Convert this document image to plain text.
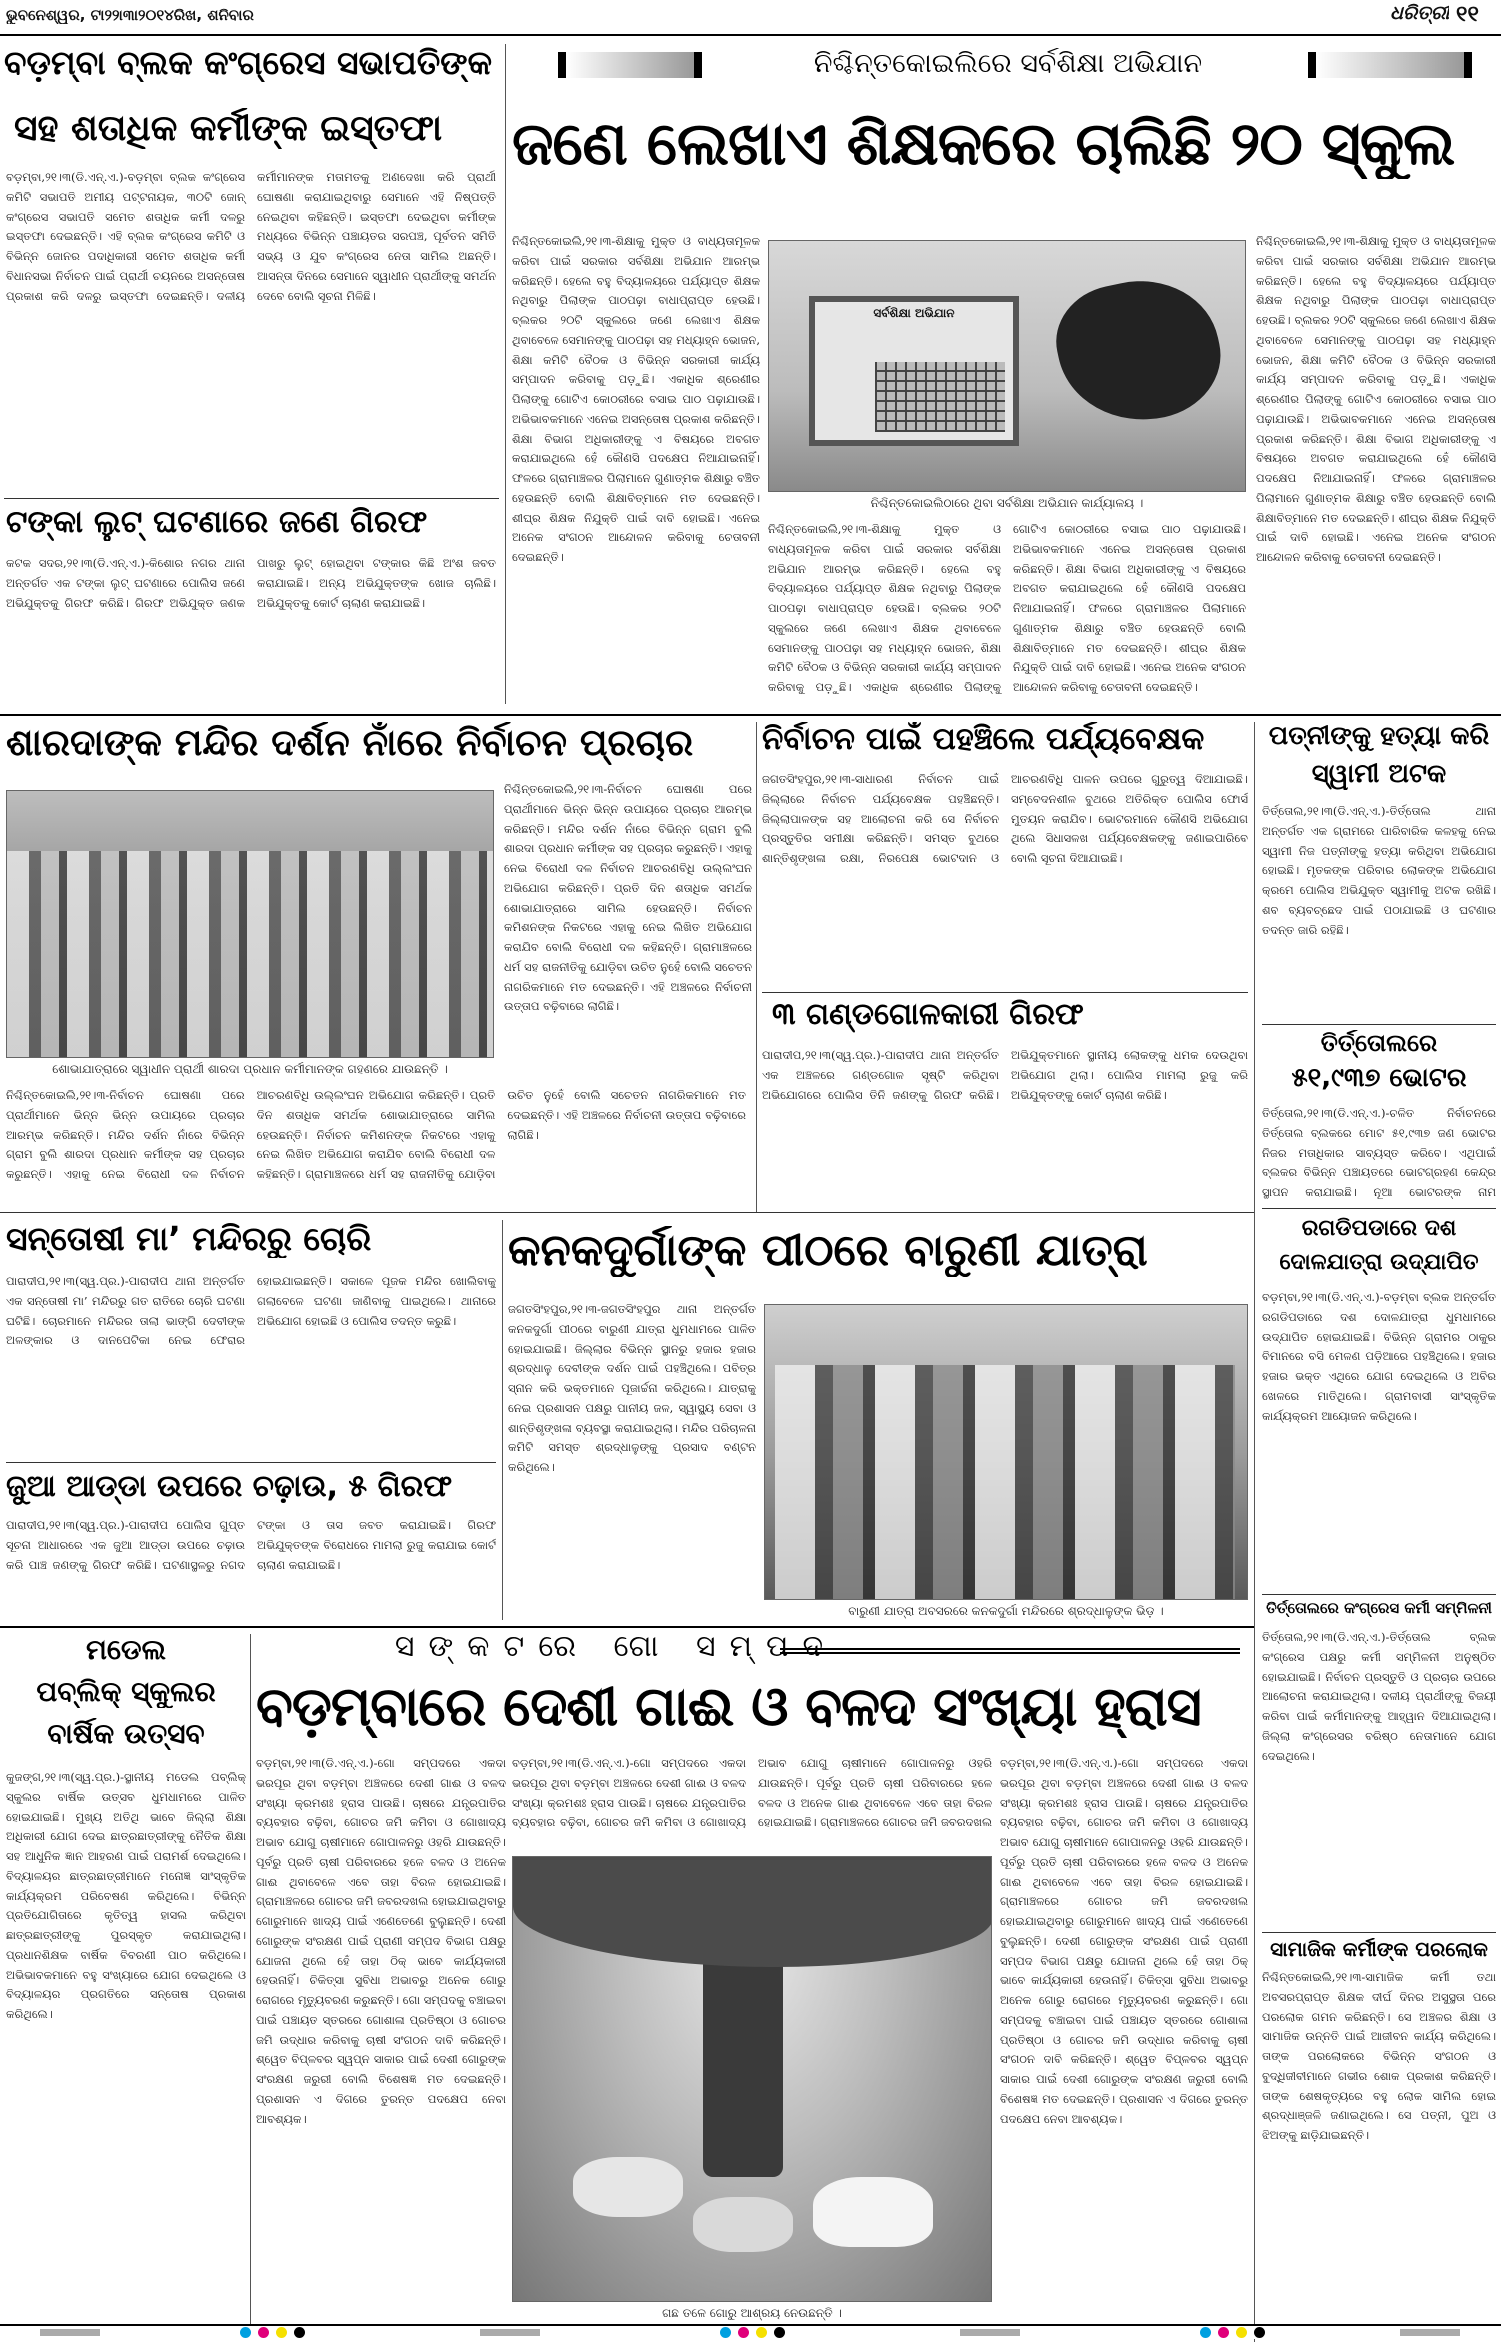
ଭୁବନେଶ୍ୱର, ଟା୨୨ା୩ା୨୦୧୪ରିଖ, ଶନିବାର	ଧରିତ୍ରୀ ୧୧
ବଡ଼ମ୍ବା ବ୍ଲକ କଂଗ୍ରେସ ସଭାପତିଙ୍କ
ସହ ଶତାଧିକ କର୍ମୀଙ୍କ ଇସ୍ତଫା
ବଡ଼ମ୍ବା,୨୧।୩(ଡି.ଏନ୍.ଏ.)-ବଡ଼ମ୍ବା ବ୍ଲକ କଂଗ୍ରେସ କମିଟି ସଭାପତି ଅମୀୟ ପଟ୍ଟନାୟକ, ୩୦ଟି ଜୋନ୍ କଂଗ୍ରେସ ସଭାପତି ସମେତ ଶତାଧିକ କର୍ମୀ ଦଳରୁ ଇସ୍ତଫା ଦେଇଛନ୍ତି। ଏହି ବ୍ଲକ କଂଗ୍ରେସ କମିଟି ଓ ବିଭିନ୍ନ ଜୋନର ପଦାଧିକାରୀ ସମେତ ଶତାଧିକ କର୍ମୀ ବିଧାନସଭା ନିର୍ବାଚନ ପାଇଁ ପ୍ରାର୍ଥୀ ଚୟନରେ ଅସନ୍ତୋଷ ପ୍ରକାଶ କରି ଦଳରୁ ଇସ୍ତଫା ଦେଇଛନ୍ତି। ଦଳୀୟ କର୍ମୀମାନଙ୍କ ମତାମତକୁ ଅଣଦେଖା କରି ପ୍ରାର୍ଥୀ ଘୋଷଣା କରାଯାଇଥିବାରୁ ସେମାନେ ଏହି ନିଷ୍ପତ୍ତି ନେଇଥିବା କହିଛନ୍ତି। ଇସ୍ତଫା ଦେଇଥିବା କର୍ମୀଙ୍କ ମଧ୍ୟରେ ବିଭିନ୍ନ ପଞ୍ଚାୟତର ସରପଞ୍ଚ, ପୂର୍ବତନ ସମିତି ସଭ୍ୟ ଓ ଯୁବ କଂଗ୍ରେସ ନେତା ସାମିଲ ଅଛନ୍ତି। ଆସନ୍ତା ଦିନରେ ସେମାନେ ସ୍ୱାଧୀନ ପ୍ରାର୍ଥୀଙ୍କୁ ସମର୍ଥନ ଦେବେ ବୋଲି ସୂଚନା ମିଳିଛି।
ଟଙ୍କା ଲୁଟ୍ ଘଟଣାରେ ଜଣେ ଗିରଫ
କଟକ ସଦର,୨୧।୩(ଡି.ଏନ୍.ଏ.)-କିଶୋର ନଗର ଥାନା ଅନ୍ତର୍ଗତ ଏକ ଟଙ୍କା ଲୁଟ୍ ଘଟଣାରେ ପୋଲିସ ଜଣେ ଅଭିଯୁକ୍ତକୁ ଗିରଫ କରିଛି। ଗିରଫ ଅଭିଯୁକ୍ତ ଜଣକ ପାଖରୁ ଲୁଟ୍ ହୋଇଥିବା ଟଙ୍କାର କିଛି ଅଂଶ ଜବତ କରାଯାଇଛି। ଅନ୍ୟ ଅଭିଯୁକ୍ତଙ୍କ ଖୋଜ ଚାଲିଛି। ଅଭିଯୁକ୍ତକୁ କୋର୍ଟ ଚାଲାଣ କରାଯାଇଛି।
ନିଶ୍ଚିନ୍ତକୋଇଲିରେ ସର୍ବଶିକ୍ଷା ଅଭିଯାନ
ଜଣେ ଲେଖାଏ ଶିକ୍ଷକରେ ଚାଲିଛି ୨୦ ସ୍କୁଲ
ନିଶ୍ଚିନ୍ତକୋଇଲି,୨୧।୩-ଶିକ୍ଷାକୁ ମୁକ୍ତ ଓ ବାଧ୍ୟତାମୂଳକ କରିବା ପାଇଁ ସରକାର ସର୍ବଶିକ୍ଷା ଅଭିଯାନ ଆରମ୍ଭ କରିଛନ୍ତି। ହେଲେ ବହୁ ବିଦ୍ୟାଳୟରେ ପର୍ଯ୍ୟାପ୍ତ ଶିକ୍ଷକ ନଥିବାରୁ ପିଲାଙ୍କ ପାଠପଢ଼ା ବାଧାପ୍ରାପ୍ତ ହେଉଛି। ବ୍ଲକର ୨୦ଟି ସ୍କୁଲରେ ଜଣେ ଲେଖାଏ ଶିକ୍ଷକ ଥିବାବେଳେ ସେମାନଙ୍କୁ ପାଠପଢ଼ା ସହ ମଧ୍ୟାହ୍ନ ଭୋଜନ, ଶିକ୍ଷା କମିଟି ବୈଠକ ଓ ବିଭିନ୍ନ ସରକାରୀ କାର୍ଯ୍ୟ ସମ୍ପାଦନ କରିବାକୁ ପଡ଼ୁଛି। ଏକାଧିକ ଶ୍ରେଣୀର ପିଲାଙ୍କୁ ଗୋଟିଏ କୋଠରୀରେ ବସାଇ ପାଠ ପଢ଼ାଯାଉଛି। ଅଭିଭାବକମାନେ ଏନେଇ ଅସନ୍ତୋଷ ପ୍ରକାଶ କରିଛନ୍ତି। ଶିକ୍ଷା ବିଭାଗ ଅଧିକାରୀଙ୍କୁ ଏ ବିଷୟରେ ଅବଗତ କରାଯାଇଥିଲେ ହେଁ କୌଣସି ପଦକ୍ଷେପ ନିଆଯାଇନାହିଁ। ଫଳରେ ଗ୍ରାମାଞ୍ଚଳର ପିଲାମାନେ ଗୁଣାତ୍ମକ ଶିକ୍ଷାରୁ ବଞ୍ଚିତ ହେଉଛନ୍ତି ବୋଲି ଶିକ୍ଷାବିତ୍ମାନେ ମତ ଦେଇଛନ୍ତି। ଶୀଘ୍ର ଶିକ୍ଷକ ନିଯୁକ୍ତି ପାଇଁ ଦାବି ହୋଇଛି। ଏନେଇ ଅନେକ ସଂଗଠନ ଆନ୍ଦୋଳନ କରିବାକୁ ଚେତାବନୀ ଦେଇଛନ୍ତି।
ସର୍ବଶିକ୍ଷା ଅଭିଯାନ
ନିଶ୍ଚିନ୍ତକୋଇଲିଠାରେ ଥିବା ସର୍ବଶିକ୍ଷା ଅଭିଯାନ କାର୍ଯ୍ୟାଳୟ ।
ନିଶ୍ଚିନ୍ତକୋଇଲି,୨୧।୩-ଶିକ୍ଷାକୁ ମୁକ୍ତ ଓ ବାଧ୍ୟତାମୂଳକ କରିବା ପାଇଁ ସରକାର ସର୍ବଶିକ୍ଷା ଅଭିଯାନ ଆରମ୍ଭ କରିଛନ୍ତି। ହେଲେ ବହୁ ବିଦ୍ୟାଳୟରେ ପର୍ଯ୍ୟାପ୍ତ ଶିକ୍ଷକ ନଥିବାରୁ ପିଲାଙ୍କ ପାଠପଢ଼ା ବାଧାପ୍ରାପ୍ତ ହେଉଛି। ବ୍ଲକର ୨୦ଟି ସ୍କୁଲରେ ଜଣେ ଲେଖାଏ ଶିକ୍ଷକ ଥିବାବେଳେ ସେମାନଙ୍କୁ ପାଠପଢ଼ା ସହ ମଧ୍ୟାହ୍ନ ଭୋଜନ, ଶିକ୍ଷା କମିଟି ବୈଠକ ଓ ବିଭିନ୍ନ ସରକାରୀ କାର୍ଯ୍ୟ ସମ୍ପାଦନ କରିବାକୁ ପଡ଼ୁଛି। ଏକାଧିକ ଶ୍ରେଣୀର ପିଲାଙ୍କୁ ଗୋଟିଏ କୋଠରୀରେ ବସାଇ ପାଠ ପଢ଼ାଯାଉଛି। ଅଭିଭାବକମାନେ ଏନେଇ ଅସନ୍ତୋଷ ପ୍ରକାଶ କରିଛନ୍ତି। ଶିକ୍ଷା ବିଭାଗ ଅଧିକାରୀଙ୍କୁ ଏ ବିଷୟରେ ଅବଗତ କରାଯାଇଥିଲେ ହେଁ କୌଣସି ପଦକ୍ଷେପ ନିଆଯାଇନାହିଁ। ଫଳରେ ଗ୍ରାମାଞ୍ଚଳର ପିଲାମାନେ ଗୁଣାତ୍ମକ ଶିକ୍ଷାରୁ ବଞ୍ଚିତ ହେଉଛନ୍ତି ବୋଲି ଶିକ୍ଷାବିତ୍ମାନେ ମତ ଦେଇଛନ୍ତି। ଶୀଘ୍ର ଶିକ୍ଷକ ନିଯୁକ୍ତି ପାଇଁ ଦାବି ହୋଇଛି। ଏନେଇ ଅନେକ ସଂଗଠନ ଆନ୍ଦୋଳନ କରିବାକୁ ଚେତାବନୀ ଦେଇଛନ୍ତି।
ନିଶ୍ଚିନ୍ତକୋଇଲି,୨୧।୩-ଶିକ୍ଷାକୁ ମୁକ୍ତ ଓ ବାଧ୍ୟତାମୂଳକ କରିବା ପାଇଁ ସରକାର ସର୍ବଶିକ୍ଷା ଅଭିଯାନ ଆରମ୍ଭ କରିଛନ୍ତି। ହେଲେ ବହୁ ବିଦ୍ୟାଳୟରେ ପର୍ଯ୍ୟାପ୍ତ ଶିକ୍ଷକ ନଥିବାରୁ ପିଲାଙ୍କ ପାଠପଢ଼ା ବାଧାପ୍ରାପ୍ତ ହେଉଛି। ବ୍ଲକର ୨୦ଟି ସ୍କୁଲରେ ଜଣେ ଲେଖାଏ ଶିକ୍ଷକ ଥିବାବେଳେ ସେମାନଙ୍କୁ ପାଠପଢ଼ା ସହ ମଧ୍ୟାହ୍ନ ଭୋଜନ, ଶିକ୍ଷା କମିଟି ବୈଠକ ଓ ବିଭିନ୍ନ ସରକାରୀ କାର୍ଯ୍ୟ ସମ୍ପାଦନ କରିବାକୁ ପଡ଼ୁଛି। ଏକାଧିକ ଶ୍ରେଣୀର ପିଲାଙ୍କୁ ଗୋଟିଏ କୋଠରୀରେ ବସାଇ ପାଠ ପଢ଼ାଯାଉଛି। ଅଭିଭାବକମାନେ ଏନେଇ ଅସନ୍ତୋଷ ପ୍ରକାଶ କରିଛନ୍ତି। ଶିକ୍ଷା ବିଭାଗ ଅଧିକାରୀଙ୍କୁ ଏ ବିଷୟରେ ଅବଗତ କରାଯାଇଥିଲେ ହେଁ କୌଣସି ପଦକ୍ଷେପ ନିଆଯାଇନାହିଁ। ଫଳରେ ଗ୍ରାମାଞ୍ଚଳର ପିଲାମାନେ ଗୁଣାତ୍ମକ ଶିକ୍ଷାରୁ ବଞ୍ଚିତ ହେଉଛନ୍ତି ବୋଲି ଶିକ୍ଷାବିତ୍ମାନେ ମତ ଦେଇଛନ୍ତି। ଶୀଘ୍ର ଶିକ୍ଷକ ନିଯୁକ୍ତି ପାଇଁ ଦାବି ହୋଇଛି। ଏନେଇ ଅନେକ ସଂଗଠନ ଆନ୍ଦୋଳନ କରିବାକୁ ଚେତାବନୀ ଦେଇଛନ୍ତି।
ଶାରଦାଙ୍କ ମନ୍ଦିର ଦର୍ଶନ ନାଁରେ ନିର୍ବାଚନ ପ୍ରଚାର
ଶୋଭାଯାତ୍ରାରେ ସ୍ୱାଧୀନ ପ୍ରାର୍ଥୀ ଶାରଦା ପ୍ରଧାନ କର୍ମୀମାନଙ୍କ ଗହଣରେ ଯାଉଛନ୍ତି ।
ନିଶ୍ଚିନ୍ତକୋଇଲି,୨୧।୩-ନିର୍ବାଚନ ଘୋଷଣା ପରେ ପ୍ରାର୍ଥୀମାନେ ଭିନ୍ନ ଭିନ୍ନ ଉପାୟରେ ପ୍ରଚାର ଆରମ୍ଭ କରିଛନ୍ତି। ମନ୍ଦିର ଦର୍ଶନ ନାଁରେ ବିଭିନ୍ନ ଗ୍ରାମ ବୁଲି ଶାରଦା ପ୍ରଧାନ କର୍ମୀଙ୍କ ସହ ପ୍ରଚାର କରୁଛନ୍ତି। ଏହାକୁ ନେଇ ବିରୋଧୀ ଦଳ ନିର୍ବାଚନ ଆଚରଣବିଧି ଉଲ୍ଲଂଘନ ଅଭିଯୋଗ କରିଛନ୍ତି। ପ୍ରତି ଦିନ ଶତାଧିକ ସମର୍ଥକ ଶୋଭାଯାତ୍ରାରେ ସାମିଲ ହେଉଛନ୍ତି। ନିର୍ବାଚନ କମିଶନଙ୍କ ନିକଟରେ ଏହାକୁ ନେଇ ଲିଖିତ ଅଭିଯୋଗ କରାଯିବ ବୋଲି ବିରୋଧୀ ଦଳ କହିଛନ୍ତି। ଗ୍ରାମାଞ୍ଚଳରେ ଧର୍ମ ସହ ରାଜନୀତିକୁ ଯୋଡ଼ିବା ଉଚିତ ନୁହେଁ ବୋଲି ସଚେତନ ନାଗରିକମାନେ ମତ ଦେଇଛନ୍ତି। ଏହି ଅଞ୍ଚଳରେ ନିର୍ବାଚନୀ ଉତ୍ତାପ ବଢ଼ିବାରେ ଲାଗିଛି।
ନିଶ୍ଚିନ୍ତକୋଇଲି,୨୧।୩-ନିର୍ବାଚନ ଘୋଷଣା ପରେ ପ୍ରାର୍ଥୀମାନେ ଭିନ୍ନ ଭିନ୍ନ ଉପାୟରେ ପ୍ରଚାର ଆରମ୍ଭ କରିଛନ୍ତି। ମନ୍ଦିର ଦର୍ଶନ ନାଁରେ ବିଭିନ୍ନ ଗ୍ରାମ ବୁଲି ଶାରଦା ପ୍ରଧାନ କର୍ମୀଙ୍କ ସହ ପ୍ରଚାର କରୁଛନ୍ତି। ଏହାକୁ ନେଇ ବିରୋଧୀ ଦଳ ନିର୍ବାଚନ ଆଚରଣବିଧି ଉଲ୍ଲଂଘନ ଅଭିଯୋଗ କରିଛନ୍ତି। ପ୍ରତି ଦିନ ଶତାଧିକ ସମର୍ଥକ ଶୋଭାଯାତ୍ରାରେ ସାମିଲ ହେଉଛନ୍ତି। ନିର୍ବାଚନ କମିଶନଙ୍କ ନିକଟରେ ଏହାକୁ ନେଇ ଲିଖିତ ଅଭିଯୋଗ କରାଯିବ ବୋଲି ବିରୋଧୀ ଦଳ କହିଛନ୍ତି। ଗ୍ରାମାଞ୍ଚଳରେ ଧର୍ମ ସହ ରାଜନୀତିକୁ ଯୋଡ଼ିବା ଉଚିତ ନୁହେଁ ବୋଲି ସଚେତନ ନାଗରିକମାନେ ମତ ଦେଇଛନ୍ତି। ଏହି ଅଞ୍ଚଳରେ ନିର୍ବାଚନୀ ଉତ୍ତାପ ବଢ଼ିବାରେ ଲାଗିଛି।
ନିର୍ବାଚନ ପାଇଁ ପହଞ୍ଚିଲେ ପର୍ଯ୍ୟବେକ୍ଷକ
ଜଗତସିଂହପୁର,୨୧।୩-ସାଧାରଣ ନିର୍ବାଚନ ପାଇଁ ଜିଲ୍ଲାରେ ନିର୍ବାଚନ ପର୍ଯ୍ୟବେକ୍ଷକ ପହଞ୍ଚିଛନ୍ତି। ଜିଲ୍ଲାପାଳଙ୍କ ସହ ଆଲୋଚନା କରି ସେ ନିର୍ବାଚନ ପ୍ରସ୍ତୁତିର ସମୀକ୍ଷା କରିଛନ୍ତି। ସମସ୍ତ ବୁଥରେ ଶାନ୍ତିଶୃଙ୍ଖଳା ରକ୍ଷା, ନିରପେକ୍ଷ ଭୋଟଦାନ ଓ ଆଚରଣବିଧି ପାଳନ ଉପରେ ଗୁରୁତ୍ୱ ଦିଆଯାଇଛି। ସମ୍ବେଦନଶୀଳ ବୁଥରେ ଅତିରିକ୍ତ ପୋଲିସ ଫୋର୍ସ ମୁତୟନ କରାଯିବ। ଭୋଟରମାନେ କୌଣସି ଅଭିଯୋଗ ଥିଲେ ସିଧାସଳଖ ପର୍ଯ୍ୟବେକ୍ଷକଙ୍କୁ ଜଣାଇପାରିବେ ବୋଲି ସୂଚନା ଦିଆଯାଇଛି।
୩ ଗଣ୍ଡଗୋଳକାରୀ ଗିରଫ
ପାରାଦୀପ,୨୧।୩(ସ୍ୱ.ପ୍ର.)-ପାରାଦୀପ ଥାନା ଅନ୍ତର୍ଗତ ଏକ ଅଞ୍ଚଳରେ ଗଣ୍ଡଗୋଳ ସୃଷ୍ଟି କରିଥିବା ଅଭିଯୋଗରେ ପୋଲିସ ତିନି ଜଣଙ୍କୁ ଗିରଫ କରିଛି। ଅଭିଯୁକ୍ତମାନେ ସ୍ଥାନୀୟ ଲୋକଙ୍କୁ ଧମକ ଦେଉଥିବା ଅଭିଯୋଗ ଥିଲା। ପୋଲିସ ମାମଲା ରୁଜୁ କରି ଅଭିଯୁକ୍ତଙ୍କୁ କୋର୍ଟ ଚାଲାଣ କରିଛି।
ପତ୍ନୀଙ୍କୁ ହତ୍ୟା କରି
ସ୍ୱାମୀ ଅଟକ
ତିର୍ତ୍ତୋଲ,୨୧।୩(ଡି.ଏନ୍.ଏ.)-ତିର୍ତ୍ତୋଲ ଥାନା ଅନ୍ତର୍ଗତ ଏକ ଗ୍ରାମରେ ପାରିବାରିକ କଳହକୁ ନେଇ ସ୍ୱାମୀ ନିଜ ପତ୍ନୀଙ୍କୁ ହତ୍ୟା କରିଥିବା ଅଭିଯୋଗ ହୋଇଛି। ମୃତକଙ୍କ ପରିବାର ଲୋକଙ୍କ ଅଭିଯୋଗ କ୍ରମେ ପୋଲିସ ଅଭିଯୁକ୍ତ ସ୍ୱାମୀକୁ ଅଟକ ରଖିଛି। ଶବ ବ୍ୟବଚ୍ଛେଦ ପାଇଁ ପଠାଯାଇଛି ଓ ଘଟଣାର ତଦନ୍ତ ଜାରି ରହିଛି।
ତିର୍ତ୍ତୋଲରେ
୫୧,୯୩୭ ଭୋଟର
ତିର୍ତ୍ତୋଲ,୨୧।୩(ଡି.ଏନ୍.ଏ.)-ଚଳିତ ନିର୍ବାଚନରେ ତିର୍ତ୍ତୋଲ ବ୍ଲକରେ ମୋଟ ୫୧,୯୩୭ ଜଣ ଭୋଟର ନିଜର ମତାଧିକାର ସାବ୍ୟସ୍ତ କରିବେ। ଏଥିପାଇଁ ବ୍ଲକର ବିଭିନ୍ନ ପଞ୍ଚାୟତରେ ଭୋଟଗ୍ରହଣ କେନ୍ଦ୍ର ସ୍ଥାପନ କରାଯାଇଛି। ନୂଆ ଭୋଟରଙ୍କ ନାମ
ସନ୍ତୋଷୀ ମା’ ମନ୍ଦିରରୁ ଚୋରି
ପାରାଦୀପ,୨୧।୩(ସ୍ୱ.ପ୍ର.)-ପାରାଦୀପ ଥାନା ଅନ୍ତର୍ଗତ ଏକ ସନ୍ତୋଷୀ ମା’ ମନ୍ଦିରରୁ ଗତ ରାତିରେ ଚୋରି ଘଟଣା ଘଟିଛି। ଚୋରମାନେ ମନ୍ଦିରର ତାଲା ଭାଙ୍ଗି ଦେବୀଙ୍କ ଅଳଙ୍କାର ଓ ଦାନପେଟିକା ନେଇ ଫେରାର ହୋଇଯାଇଛନ୍ତି। ସକାଳେ ପୂଜକ ମନ୍ଦିର ଖୋଲିବାକୁ ଗଲାବେଳେ ଘଟଣା ଜାଣିବାକୁ ପାଇଥିଲେ। ଥାନାରେ ଅଭିଯୋଗ ହୋଇଛି ଓ ପୋଲିସ ତଦନ୍ତ କରୁଛି।
ଜୁଆ ଆଡ୍ଡା ଉପରେ ଚଢ଼ାଉ, ୫ ଗିରଫ
ପାରାଦୀପ,୨୧।୩(ସ୍ୱ.ପ୍ର.)-ପାରାଦୀପ ପୋଲିସ ଗୁପ୍ତ ସୂଚନା ଆଧାରରେ ଏକ ଜୁଆ ଆଡ୍ଡା ଉପରେ ଚଢ଼ାଉ କରି ପାଞ୍ଚ ଜଣଙ୍କୁ ଗିରଫ କରିଛି। ଘଟଣାସ୍ଥଳରୁ ନଗଦ ଟଙ୍କା ଓ ତାସ ଜବତ କରାଯାଇଛି। ଗିରଫ ଅଭିଯୁକ୍ତଙ୍କ ବିରୋଧରେ ମାମଲା ରୁଜୁ କରାଯାଇ କୋର୍ଟ ଚାଲାଣ କରାଯାଇଛି।
କନକଦୁର୍ଗାଙ୍କ ପୀଠରେ ବାରୁଣୀ ଯାତ୍ରା
ଜଗତସିଂହପୁର,୨୧।୩-ଜଗତସିଂହପୁର ଥାନା ଅନ୍ତର୍ଗତ କନକଦୁର୍ଗା ପୀଠରେ ବାରୁଣୀ ଯାତ୍ରା ଧୁମଧାମରେ ପାଳିତ ହୋଇଯାଇଛି। ଜିଲ୍ଲାର ବିଭିନ୍ନ ସ୍ଥାନରୁ ହଜାର ହଜାର ଶ୍ରଦ୍ଧାଳୁ ଦେବୀଙ୍କ ଦର୍ଶନ ପାଇଁ ପହଞ୍ଚିଥିଲେ। ପବିତ୍ର ସ୍ନାନ କରି ଭକ୍ତମାନେ ପୂଜାର୍ଚ୍ଚନା କରିଥିଲେ। ଯାତ୍ରାକୁ ନେଇ ପ୍ରଶାସନ ପକ୍ଷରୁ ପାନୀୟ ଜଳ, ସ୍ୱାସ୍ଥ୍ୟ ସେବା ଓ ଶାନ୍ତିଶୃଙ୍ଖଳା ବ୍ୟବସ୍ଥା କରାଯାଇଥିଲା। ମନ୍ଦିର ପରିଚାଳନା କମିଟି ସମସ୍ତ ଶ୍ରଦ୍ଧାଳୁଙ୍କୁ ପ୍ରସାଦ ବଣ୍ଟନ କରିଥିଲେ।
ବାରୁଣୀ ଯାତ୍ରା ଅବସରରେ କନକଦୁର୍ଗା ମନ୍ଦିରରେ ଶ୍ରଦ୍ଧାଳୁଙ୍କ ଭିଡ଼ ।
ରଗଡିପଡାରେ ଦଶ
ଦୋଳଯାତ୍ରା ଉଦ୍‌ଯାପିତ
ବଡ଼ମ୍ବା,୨୧।୩(ଡି.ଏନ୍.ଏ.)-ବଡ଼ମ୍ବା ବ୍ଲକ ଅନ୍ତର୍ଗତ ରଗଡିପଡାରେ ଦଶ ଦୋଳଯାତ୍ରା ଧୁମଧାମରେ ଉଦ୍‌ଯାପିତ ହୋଇଯାଇଛି। ବିଭିନ୍ନ ଗ୍ରାମର ଠାକୁର ବିମାନରେ ବସି ମେଳଣ ପଡ଼ିଆରେ ପହଞ୍ଚିଥିଲେ। ହଜାର ହଜାର ଭକ୍ତ ଏଥିରେ ଯୋଗ ଦେଇଥିଲେ ଓ ଅବିର ଖେଳରେ ମାତିଥିଲେ। ଗ୍ରାମବାସୀ ସାଂସ୍କୃତିକ କାର୍ଯ୍ୟକ୍ରମ ଆୟୋଜନ କରିଥିଲେ।
ତିର୍ତ୍ତୋଲରେ କଂଗ୍ରେସ କର୍ମୀ ସମ୍ମିଳନୀ
ତିର୍ତ୍ତୋଲ,୨୧।୩(ଡି.ଏନ୍.ଏ.)-ତିର୍ତ୍ତୋଲ ବ୍ଲକ କଂଗ୍ରେସ ପକ୍ଷରୁ କର୍ମୀ ସମ୍ମିଳନୀ ଅନୁଷ୍ଠିତ ହୋଇଯାଇଛି। ନିର୍ବାଚନ ପ୍ରସ୍ତୁତି ଓ ପ୍ରଚାର ଉପରେ ଆଲୋଚନା କରାଯାଇଥିଲା। ଦଳୀୟ ପ୍ରାର୍ଥୀଙ୍କୁ ବିଜୟୀ କରିବା ପାଇଁ କର୍ମୀମାନଙ୍କୁ ଆହ୍ୱାନ ଦିଆଯାଇଥିଲା। ଜିଲ୍ଲା କଂଗ୍ରେସର ବରିଷ୍ଠ ନେତାମାନେ ଯୋଗ ଦେଇଥିଲେ।
ସାମାଜିକ କର୍ମୀଙ୍କ ପରଲୋକ
ନିଶ୍ଚିନ୍ତକୋଇଲି,୨୧।୩-ସାମାଜିକ କର୍ମୀ ତଥା ଅବସରପ୍ରାପ୍ତ ଶିକ୍ଷକ ଦୀର୍ଘ ଦିନର ଅସୁସ୍ଥତା ପରେ ପରଲୋକ ଗମନ କରିଛନ୍ତି। ସେ ଅଞ୍ଚଳର ଶିକ୍ଷା ଓ ସାମାଜିକ ଉନ୍ନତି ପାଇଁ ଆଜୀବନ କାର୍ଯ୍ୟ କରିଥିଲେ। ତାଙ୍କ ପରଲୋକରେ ବିଭିନ୍ନ ସଂଗଠନ ଓ ବୁଦ୍ଧିଜୀବୀମାନେ ଗଭୀର ଶୋକ ପ୍ରକାଶ କରିଛନ୍ତି। ତାଙ୍କ ଶେଷକୃତ୍ୟରେ ବହୁ ଲୋକ ସାମିଲ ହୋଇ ଶ୍ରଦ୍ଧାଞ୍ଜଳି ଜଣାଇଥିଲେ। ସେ ପତ୍ନୀ, ପୁଅ ଓ ଝିଅଙ୍କୁ ଛାଡ଼ିଯାଇଛନ୍ତି।
ମଡେଲ
ପବ୍ଲିକ୍ ସ୍କୁଲର
ବାର୍ଷିକ ଉତ୍ସବ
କୁଜଙ୍ଗ,୨୧।୩(ସ୍ୱ.ପ୍ର.)-ସ୍ଥାନୀୟ ମଡେଲ ପବ୍ଲିକ୍ ସ୍କୁଲର ବାର୍ଷିକ ଉତ୍ସବ ଧୁମଧାମରେ ପାଳିତ ହୋଇଯାଇଛି। ମୁଖ୍ୟ ଅତିଥି ଭାବେ ଜିଲ୍ଲା ଶିକ୍ଷା ଅଧିକାରୀ ଯୋଗ ଦେଇ ଛାତ୍ରଛାତ୍ରୀଙ୍କୁ ନୈତିକ ଶିକ୍ଷା ସହ ଆଧୁନିକ ଜ୍ଞାନ ଆହରଣ ପାଇଁ ପରାମର୍ଶ ଦେଇଥିଲେ। ବିଦ୍ୟାଳୟର ଛାତ୍ରଛାତ୍ରୀମାନେ ମନୋଜ୍ଞ ସାଂସ୍କୃତିକ କାର୍ଯ୍ୟକ୍ରମ ପରିବେଷଣ କରିଥିଲେ। ବିଭିନ୍ନ ପ୍ରତିଯୋଗିତାରେ କୃତିତ୍ୱ ହାସଲ କରିଥିବା ଛାତ୍ରଛାତ୍ରୀଙ୍କୁ ପୁରସ୍କୃତ କରାଯାଇଥିଲା। ପ୍ରଧାନଶିକ୍ଷକ ବାର୍ଷିକ ବିବରଣୀ ପାଠ କରିଥିଲେ। ଅଭିଭାବକମାନେ ବହୁ ସଂଖ୍ୟାରେ ଯୋଗ ଦେଇଥିଲେ ଓ ବିଦ୍ୟାଳୟର ପ୍ରଗତିରେ ସନ୍ତୋଷ ପ୍ରକାଶ କରିଥିଲେ।
ସଙ୍କଟରେ ଗୋ ସମ୍ପଦ
ବଡ଼ମ୍ବାରେ ଦେଶୀ ଗାଈ ଓ ବଳଦ ସଂଖ୍ୟା ହ୍ରାସ
ବଡ଼ମ୍ବା,୨୧।୩(ଡି.ଏନ୍.ଏ.)-ଗୋ ସମ୍ପଦରେ ଏକଦା ଭରପୂର ଥିବା ବଡ଼ମ୍ବା ଅଞ୍ଚଳରେ ଦେଶୀ ଗାଈ ଓ ବଳଦ ସଂଖ୍ୟା କ୍ରମଶଃ ହ୍ରାସ ପାଉଛି। ଚାଷରେ ଯନ୍ତ୍ରପାତିର ବ୍ୟବହାର ବଢ଼ିବା, ଗୋଚର ଜମି କମିବା ଓ ଗୋଖାଦ୍ୟ ଅଭାବ ଯୋଗୁ ଚାଷୀମାନେ ଗୋପାଳନରୁ ଓହରି ଯାଉଛନ୍ତି। ପୂର୍ବରୁ ପ୍ରତି ଚାଷୀ ପରିବାରରେ ହଳେ ବଳଦ ଓ ଅନେକ ଗାଈ ଥିବାବେଳେ ଏବେ ତାହା ବିରଳ ହୋଇଯାଇଛି। ଗ୍ରାମାଞ୍ଚଳରେ ଗୋଚର ଜମି ଜବରଦଖଲ ହୋଇଯାଇଥିବାରୁ ଗୋରୁମାନେ ଖାଦ୍ୟ ପାଇଁ ଏଣେତେଣେ ବୁଲୁଛନ୍ତି। ଦେଶୀ ଗୋରୁଙ୍କ ସଂରକ୍ଷଣ ପାଇଁ ପ୍ରାଣୀ ସମ୍ପଦ ବିଭାଗ ପକ୍ଷରୁ ଯୋଜନା ଥିଲେ ହେଁ ତାହା ଠିକ୍ ଭାବେ କାର୍ଯ୍ୟକାରୀ ହେଉନାହିଁ। ଚିକିତ୍ସା ସୁବିଧା ଅଭାବରୁ ଅନେକ ଗୋରୁ ରୋଗରେ ମୃତ୍ୟୁବରଣ କରୁଛନ୍ତି। ଗୋ ସମ୍ପଦକୁ ବଞ୍ଚାଇବା ପାଇଁ ପଞ୍ଚାୟତ ସ୍ତରରେ ଗୋଶାଳା ପ୍ରତିଷ୍ଠା ଓ ଗୋଚର ଜମି ଉଦ୍ଧାର କରିବାକୁ ଚାଷୀ ସଂଗଠନ ଦାବି କରିଛନ୍ତି। ଶ୍ୱେତ ବିପ୍ଳବର ସ୍ୱପ୍ନ ସାକାର ପାଇଁ ଦେଶୀ ଗୋରୁଙ୍କ ସଂରକ୍ଷଣ ଜରୁରୀ ବୋଲି ବିଶେଷଜ୍ଞ ମତ ଦେଇଛନ୍ତି। ପ୍ରଶାସନ ଏ ଦିଗରେ ତୁରନ୍ତ ପଦକ୍ଷେପ ନେବା ଆବଶ୍ୟକ।
ବଡ଼ମ୍ବା,୨୧।୩(ଡି.ଏନ୍.ଏ.)-ଗୋ ସମ୍ପଦରେ ଏକଦା ଭରପୂର ଥିବା ବଡ଼ମ୍ବା ଅଞ୍ଚଳରେ ଦେଶୀ ଗାଈ ଓ ବଳଦ ସଂଖ୍ୟା କ୍ରମଶଃ ହ୍ରାସ ପାଉଛି। ଚାଷରେ ଯନ୍ତ୍ରପାତିର ବ୍ୟବହାର ବଢ଼ିବା, ଗୋଚର ଜମି କମିବା ଓ ଗୋଖାଦ୍ୟ ଅଭାବ ଯୋଗୁ ଚାଷୀମାନେ ଗୋପାଳନରୁ ଓହରି ଯାଉଛନ୍ତି। ପୂର୍ବରୁ ପ୍ରତି ଚାଷୀ ପରିବାରରେ ହଳେ ବଳଦ ଓ ଅନେକ ଗାଈ ଥିବାବେଳେ ଏବେ ତାହା ବିରଳ ହୋଇଯାଇଛି। ଗ୍ରାମାଞ୍ଚଳରେ ଗୋଚର ଜମି ଜବରଦଖଲ
ଗଛ ତଳେ ଗୋରୁ ଆଶ୍ରୟ ନେଉଛନ୍ତି ।
ବଡ଼ମ୍ବା,୨୧।୩(ଡି.ଏନ୍.ଏ.)-ଗୋ ସମ୍ପଦରେ ଏକଦା ଭରପୂର ଥିବା ବଡ଼ମ୍ବା ଅଞ୍ଚଳରେ ଦେଶୀ ଗାଈ ଓ ବଳଦ ସଂଖ୍ୟା କ୍ରମଶଃ ହ୍ରାସ ପାଉଛି। ଚାଷରେ ଯନ୍ତ୍ରପାତିର ବ୍ୟବହାର ବଢ଼ିବା, ଗୋଚର ଜମି କମିବା ଓ ଗୋଖାଦ୍ୟ ଅଭାବ ଯୋଗୁ ଚାଷୀମାନେ ଗୋପାଳନରୁ ଓହରି ଯାଉଛନ୍ତି। ପୂର୍ବରୁ ପ୍ରତି ଚାଷୀ ପରିବାରରେ ହଳେ ବଳଦ ଓ ଅନେକ ଗାଈ ଥିବାବେଳେ ଏବେ ତାହା ବିରଳ ହୋଇଯାଇଛି। ଗ୍ରାମାଞ୍ଚଳରେ ଗୋଚର ଜମି ଜବରଦଖଲ ହୋଇଯାଇଥିବାରୁ ଗୋରୁମାନେ ଖାଦ୍ୟ ପାଇଁ ଏଣେତେଣେ ବୁଲୁଛନ୍ତି। ଦେଶୀ ଗୋରୁଙ୍କ ସଂରକ୍ଷଣ ପାଇଁ ପ୍ରାଣୀ ସମ୍ପଦ ବିଭାଗ ପକ୍ଷରୁ ଯୋଜନା ଥିଲେ ହେଁ ତାହା ଠିକ୍ ଭାବେ କାର୍ଯ୍ୟକାରୀ ହେଉନାହିଁ। ଚିକିତ୍ସା ସୁବିଧା ଅଭାବରୁ ଅନେକ ଗୋରୁ ରୋଗରେ ମୃତ୍ୟୁବରଣ କରୁଛନ୍ତି। ଗୋ ସମ୍ପଦକୁ ବଞ୍ଚାଇବା ପାଇଁ ପଞ୍ଚାୟତ ସ୍ତରରେ ଗୋଶାଳା ପ୍ରତିଷ୍ଠା ଓ ଗୋଚର ଜମି ଉଦ୍ଧାର କରିବାକୁ ଚାଷୀ ସଂଗଠନ ଦାବି କରିଛନ୍ତି। ଶ୍ୱେତ ବିପ୍ଳବର ସ୍ୱପ୍ନ ସାକାର ପାଇଁ ଦେଶୀ ଗୋରୁଙ୍କ ସଂରକ୍ଷଣ ଜରୁରୀ ବୋଲି ବିଶେଷଜ୍ଞ ମତ ଦେଇଛନ୍ତି। ପ୍ରଶାସନ ଏ ଦିଗରେ ତୁରନ୍ତ ପଦକ୍ଷେପ ନେବା ଆବଶ୍ୟକ।
